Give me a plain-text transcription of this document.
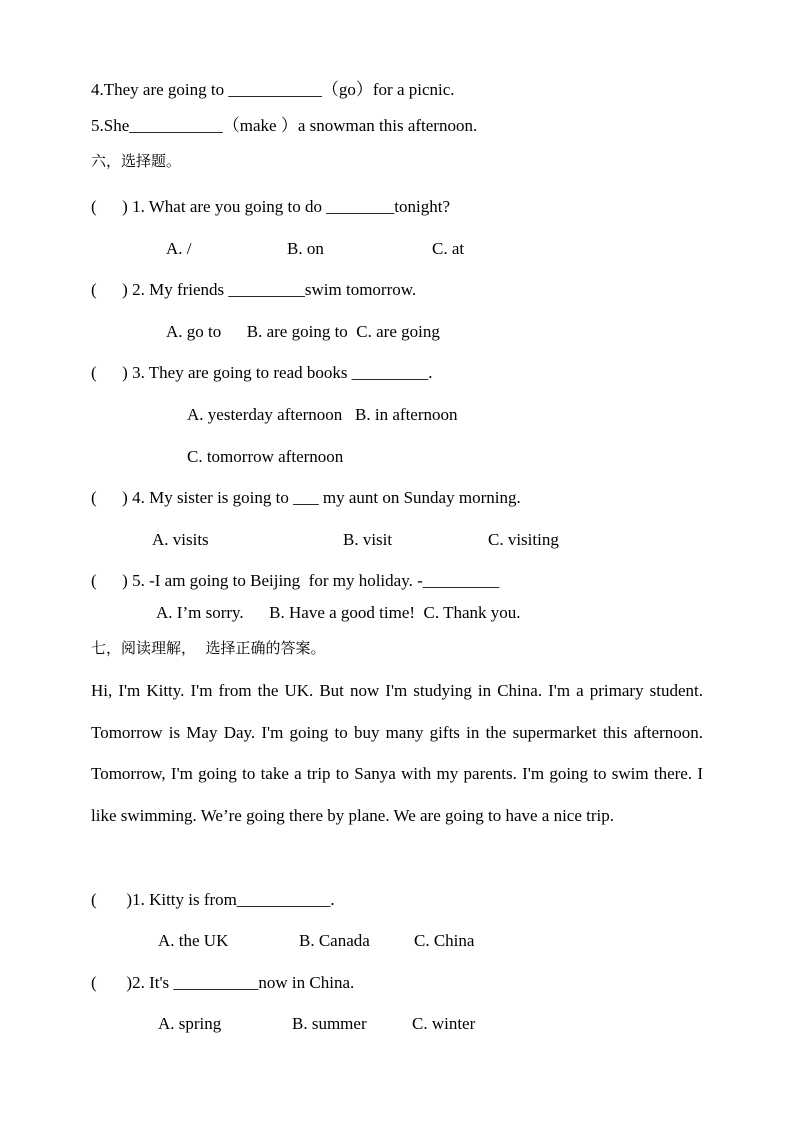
4.They are going to ___________（go）for a picnic.
5.She___________（make ）a snowman this afternoon.
六，选择题。
(      ) 1. What are you going to do ________tonight?
A. /	B. on	C. at
(      ) 2. My friends _________swim tomorrow.
A. go to      B. are going to  C. are going
(      ) 3. They are going to read books _________.
A. yesterday afternoon   B. in afternoon
C. tomorrow afternoon
(      ) 4. My sister is going to ___ my aunt on Sunday morning.
A. visits	B. visit	C. visiting
(      ) 5. -I am going to Beijing  for my holiday. -_________
A. I’m sorry.      B. Have a good time!  C. Thank you.
七，阅读理解，  选择正确的答案。
Hi, I'm Kitty. I'm from the UK. But now I'm studying in China. I'm a primary student. Tomorrow is May Day. I'm going to buy many gifts in the supermarket this afternoon. Tomorrow, I'm going to take a trip to Sanya with my parents. I'm going to swim there. I like swimming. We’re going there by plane. We are going to have a nice trip.
(       )1. Kitty is from___________.
A. the UK	B. Canada	C. China
(       )2. It's __________now in China.
A. spring	B. summer	C. winter
